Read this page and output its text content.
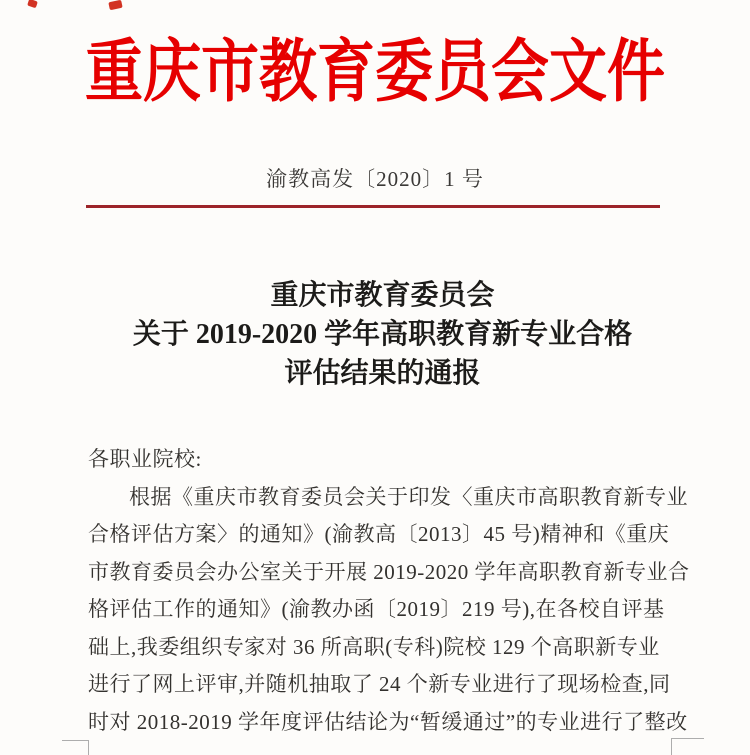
重庆市教育委员会文件
渝教高发〔2020〕1 号
重庆市教育委员会
关于 2019-2020 学年高职教育新专业合格
评估结果的通报
各职业院校:
根据《重庆市教育委员会关于印发〈重庆市高职教育新专业
合格评估方案〉的通知》(渝教高〔2013〕45 号)精神和《重庆
市教育委员会办公室关于开展 2019-2020 学年高职教育新专业合
格评估工作的通知》(渝教办函〔2019〕219 号),在各校自评基
础上,我委组织专家对 36 所高职(专科)院校 129 个高职新专业
进行了网上评审,并随机抽取了 24 个新专业进行了现场检查,同
时对 2018-2019 学年度评估结论为“暂缓通过”的专业进行了整改
